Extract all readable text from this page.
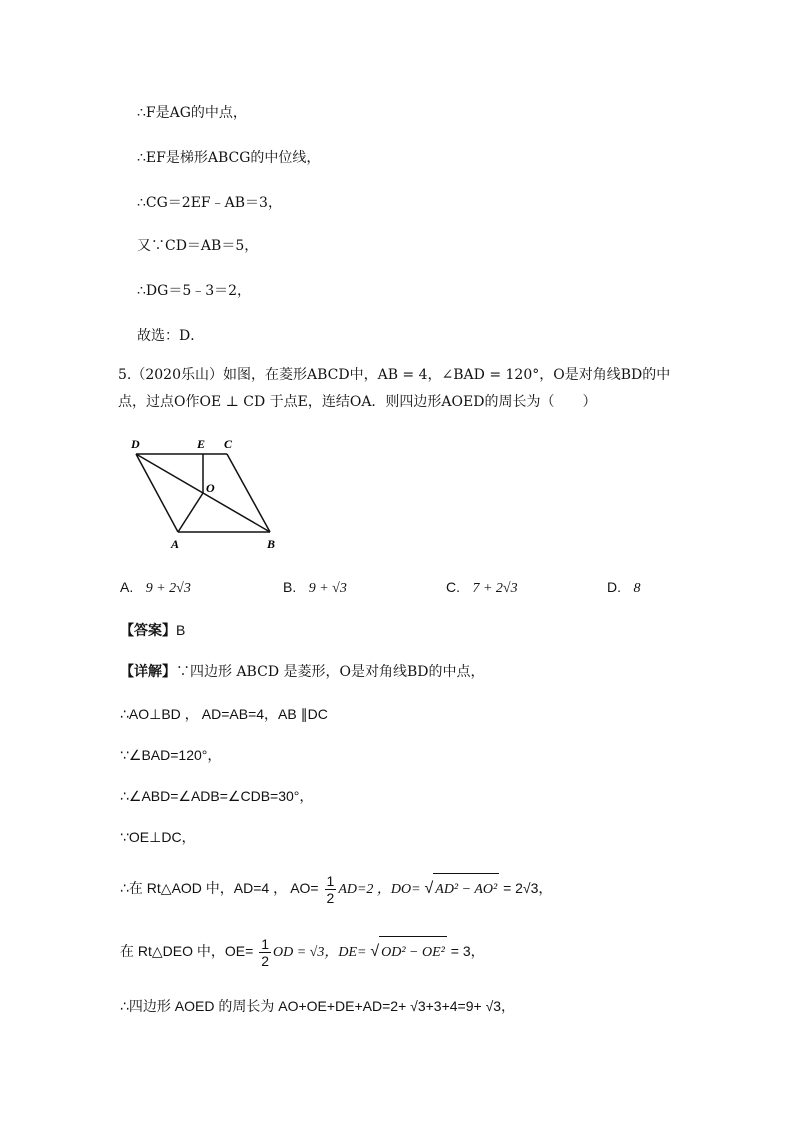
∴F是AG的中点，
∴EF是梯形ABCG的中位线，
∴CG＝2EF﹣AB＝3，
又∵CD＝AB＝5，
∴DG＝5﹣3＝2，
故选：D．
5.（2020乐山）如图，在菱形ABCD中，AB = 4，∠BAD = 120°，O是对角线BD的中
点，过点O作OE ⊥ CD 于点E，连结OA．则四边形AOED的周长为（　　）
D	E C
O
A	B
A. 9 + 2√3	B. 9 + √3	C. 7 + 2√3	D. 8
【答案】B
【详解】∵四边形 ABCD 是菱形，O是对角线BD的中点，
∴AO⊥BD ， AD=AB=4，AB ∥DC
∵∠BAD=120°，
∴∠ABD=∠ADB=∠CDB=30°，
∵OE⊥DC，
∴在 Rt△AOD 中，AD=4 ， $AO= \frac{1}{2} AD=2$ ，DO= √ AD² − AO² = 2√3，
在 Rt△DEO 中，$OE= \frac{1}{2}$ OD = √3，DE= √ OD² − OE² = 3，
∴四边形 AOED 的周长为 AO+OE+DE+AD=2+ √3+3+4=9+ √3，
